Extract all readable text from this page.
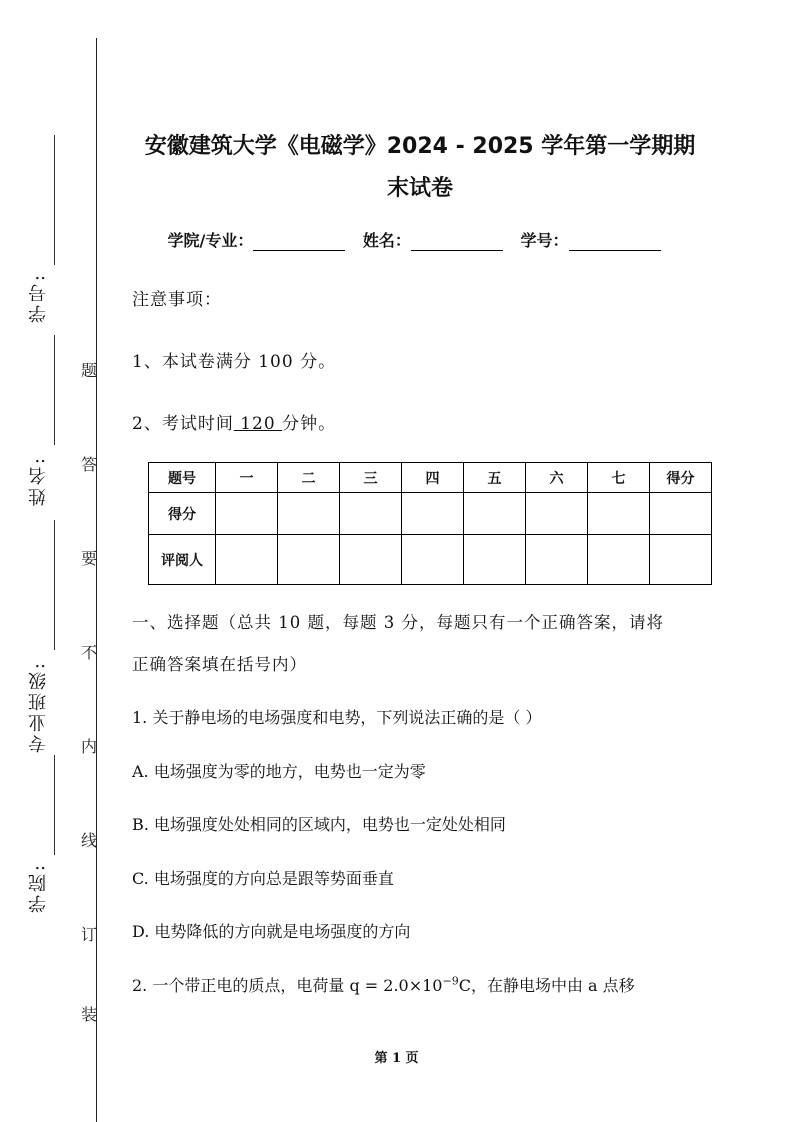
学号:
姓名:
专业班级:
学院:
题
答
要
不
内
线
订
装
安徽建筑大学《电磁学》2024 - 2025 学年第一学期期
末试卷
学院/专业：	姓名：	学号：
注意事项：
1、本试卷满分 100 分。
2、考试时间 120 分钟。
题号	一	二	三	四	五	六	七	得分
得分								
评阅人								
一、选择题（总共 10 题，每题 3 分，每题只有一个正确答案，请将
正确答案填在括号内）
1. 关于静电场的电场强度和电势，下列说法正确的是（ ）
A. 电场强度为零的地方，电势也一定为零
B. 电场强度处处相同的区域内，电势也一定处处相同
C. 电场强度的方向总是跟等势面垂直
D. 电势降低的方向就是电场强度的方向
2. 一个带正电的质点，电荷量 $q = 2.0\times 10^{-9}C$，在静电场中由 a 点移
第 1 页
